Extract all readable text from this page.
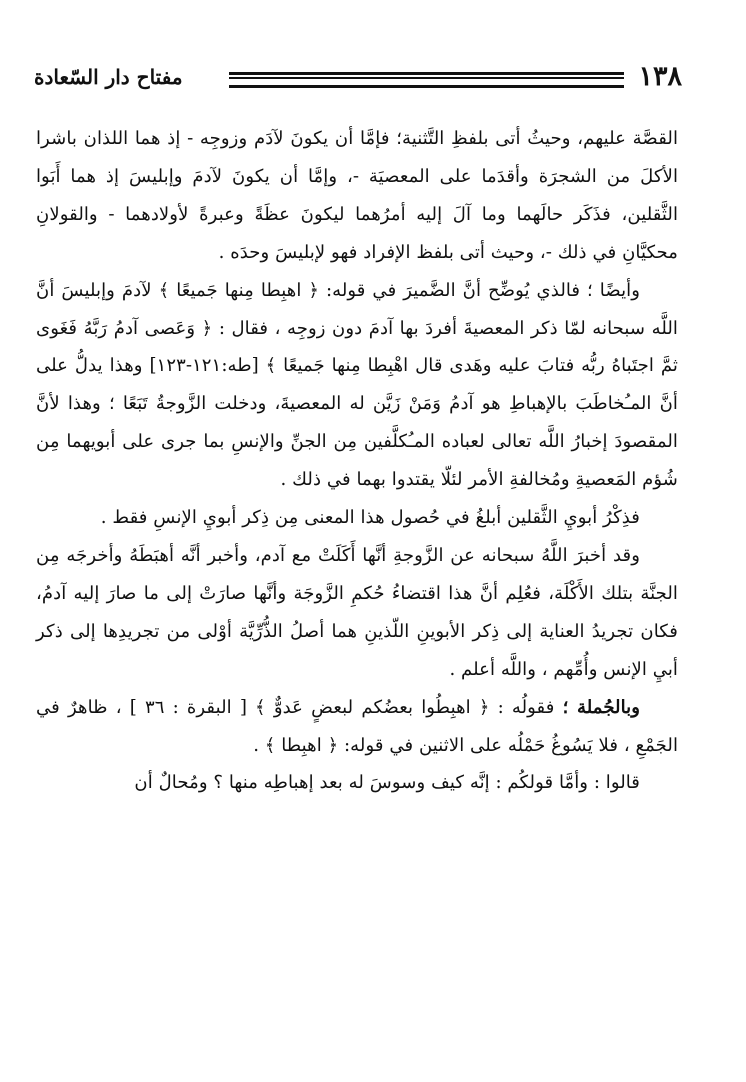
١٣٨
مفتاح دار السّعادة

القصَّة عليهم، وحيثُ أتى بلفظِ التَّثنية؛ فإمَّا أن يكونَ لآدَم وزوجِه - إذ هما اللذان باشرا الأكلَ من الشجرَة وأقدَما على المعصيَة -، وإمَّا أن يكونَ لآدمَ وإبليسَ إذ هما أَبَوا الثَّقلين، فذَكَر حالَهما وما آلَ إليه أمرُهما ليكونَ عظَةً وعبرةً لأولادهما - والقولانِ محكيَّانِ في ذلك -، وحيث أتى بلفظ الإفراد فهو لإبليسَ وحدَه .

وأيضًا ؛ فالذي يُوضِّح أنَّ الضَّميرَ في قوله: ﴿ اهبِطا مِنها جَميعًا ﴾ لآدمَ وإبليسَ أنَّ اللَّه سبحانه لمّا ذكر المعصيةَ أفردَ بها آدمَ دون زوجِه ، فقال : ﴿ وَعَصى آدمُ رَبَّهُ فَغَوى ثمَّ اجتَباهُ ربُّه فتابَ عليه وهَدى قال اهْبِطا مِنها جَميعًا ﴾ [طه:١٢١-١٢٣] وهذا يدلُّ على أنَّ المـُخاطَبَ بالإهباطِ هو آدمُ وَمَنْ زَيَّن له المعصيةَ، ودخلت الزَّوجةُ تَبَعًا ؛ وهذا لأنَّ المقصودَ إخبارُ اللَّه تعالى لعباده المـُكلَّفين مِن الجنِّ والإنسِ بما جرى على أبويهما مِن شُؤم المَعصيةِ ومُخالفةِ الأمر لئلّا يقتدوا بهما في ذلك .

فذِكْرُ أبويِ الثَّقلين أبلغُ في حُصول هذا المعنى مِن ذِكر أبويِ الإنسِ فقط .

وقد أخبرَ اللَّهُ سبحانه عن الزَّوجةِ أنَّها أَكَلَتْ مع آدم، وأخبر أنَّه أهبَطَهُ وأخرجَه مِن الجنَّة بتلك الأَكْلَة، فعُلِم أنَّ هذا اقتضاءُ حُكمِ الزَّوجَة وأنَّها صارَتْ إلى ما صارَ إليه آدمُ، فكان تجريدُ العناية إلى ذِكر الأبوينِ اللّذينِ هما أصلُ الذُّرِّيَّة أوْلى من تجريدِها إلى ذكر أبيِ الإنس وأُمِّهم ، واللَّه أعلم .

وبالجُملة ؛ فقولُه : ﴿ اهبِطُوا بعضُكم لبعضٍ عَدوٌّ ﴾ [ البقرة : ٣٦ ] ، ظاهرٌ في الجَمْعِ ، فلا يَسُوغُ حَمْلُه على الاثنين في قوله: ﴿ اهبِطا ﴾ .

قالوا : وأمَّا قولكُم : إنَّه كيف وسوسَ له بعد إهباطِه منها ؟ ومُحالٌ أن
